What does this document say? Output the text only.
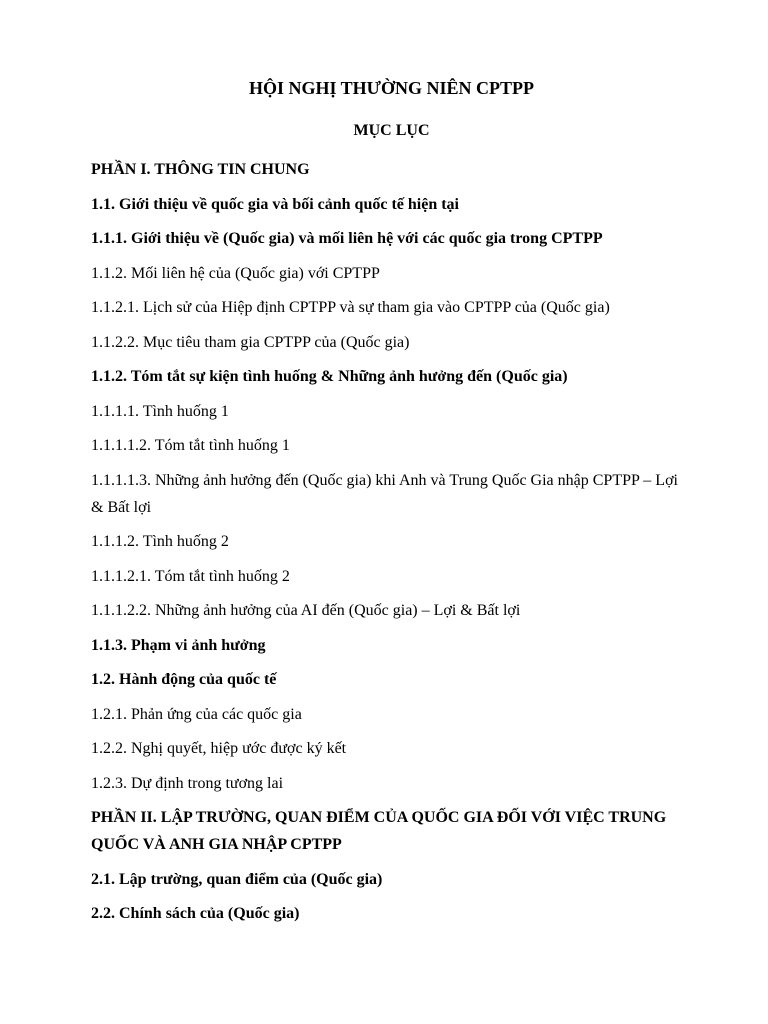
HỘI NGHỊ THƯỜNG NIÊN CPTPP
MỤC LỤC
PHẦN I. THÔNG TIN CHUNG
1.1. Giới thiệu về quốc gia và bối cảnh quốc tế hiện tại
1.1.1. Giới thiệu về (Quốc gia) và mối liên hệ với các quốc gia trong CPTPP
1.1.2. Mối liên hệ của (Quốc gia) với CPTPP
1.1.2.1. Lịch sử của Hiệp định CPTPP và sự tham gia vào CPTPP của (Quốc gia)
1.1.2.2. Mục tiêu tham gia CPTPP của (Quốc gia)
1.1.2. Tóm tắt sự kiện tình huống & Những ảnh hưởng đến (Quốc gia)
1.1.1.1. Tình huống 1
1.1.1.1.2. Tóm tắt tình huống 1
1.1.1.1.3. Những ảnh hưởng đến (Quốc gia) khi Anh và Trung Quốc Gia nhập CPTPP – Lợi & Bất lợi
1.1.1.2. Tình huống 2
1.1.1.2.1. Tóm tắt tình huống 2
1.1.1.2.2. Những ảnh hưởng của AI đến (Quốc gia) – Lợi & Bất lợi
1.1.3. Phạm vi ảnh hưởng
1.2. Hành động của quốc tế
1.2.1. Phản ứng của các quốc gia
1.2.2. Nghị quyết, hiệp ước được ký kết
1.2.3. Dự định trong tương lai
PHẦN II. LẬP TRƯỜNG, QUAN ĐIỂM CỦA QUỐC GIA ĐỐI VỚI VIỆC TRUNG QUỐC VÀ ANH GIA NHẬP CPTPP
2.1. Lập trường, quan điểm của (Quốc gia)
2.2. Chính sách của (Quốc gia)
